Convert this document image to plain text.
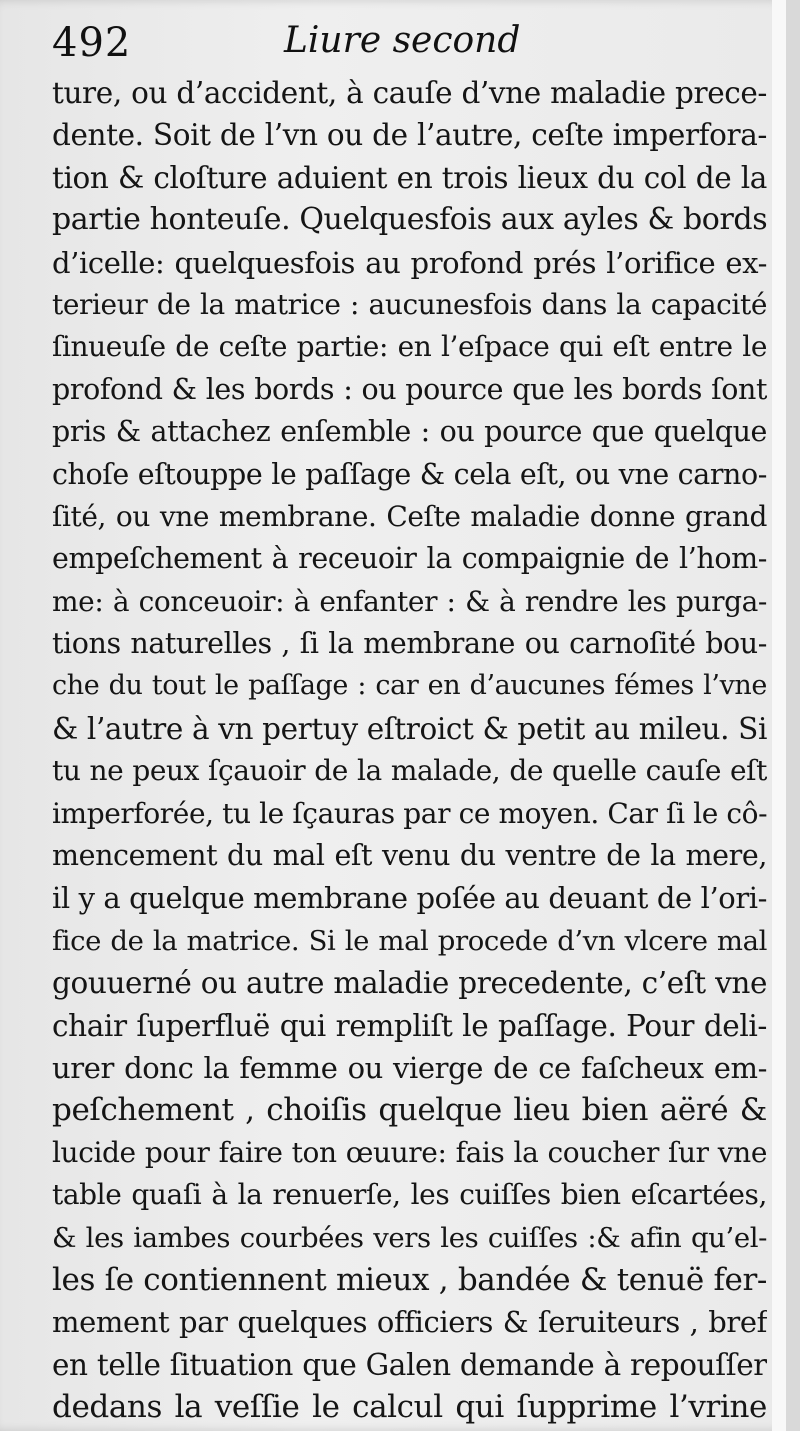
492	Liure second
ture, ou d’accident, à cauſe d’vne maladie prece-
dente. Soit de l’vn ou de l’autre, ceſte imperfora-
tion & cloſture aduient en trois lieux du col de la
partie honteuſe. Quelquesfois aux ayles & bords
d’icelle: quelquesfois au profond prés l’orifice ex-
terieur de la matrice : aucunesfois dans la capacité
ſinueuſe de ceſte partie: en l’eſpace qui eſt entre le
profond & les bords : ou pource que les bords ſont
pris & attachez enſemble : ou pource que quelque
choſe eſtouppe le paſſage & cela eſt, ou vne carno-
ſité, ou vne membrane. Ceſte maladie donne grand
empeſchement à receuoir la compaignie de l’hom-
me: à conceuoir: à enfanter : & à rendre les purga-
tions naturelles , ſi la membrane ou carnoſité bou-
che du tout le paſſage : car en d’aucunes fémes l’vne
& l’autre à vn pertuy eſtroict & petit au mileu. Si
tu ne peux ſçauoir de la malade, de quelle cauſe eſt
imperforée, tu le ſçauras par ce moyen. Car ſi le cô-
mencement du mal eſt venu du ventre de la mere,
il y a quelque membrane poſée au deuant de l’ori-
fice de la matrice. Si le mal procede d’vn vlcere mal
gouuerné ou autre maladie precedente, c’eſt vne
chair ſuperfluë qui rempliſt le paſſage. Pour deli-
urer donc la femme ou vierge de ce faſcheux em-
peſchement , choiſis quelque lieu bien aëré &
lucide pour faire ton œuure: fais la coucher ſur vne
table quaſi à la renuerſe, les cuiſſes bien eſcartées,
& les iambes courbées vers les cuiſſes :& afin qu’el-
les ſe contiennent mieux , bandée & tenuë fer-
mement par quelques officiers & ſeruiteurs , bref
en telle ſituation que Galen demande à repouſſer
dedans la veſſie le calcul qui ſupprime l’vrine
